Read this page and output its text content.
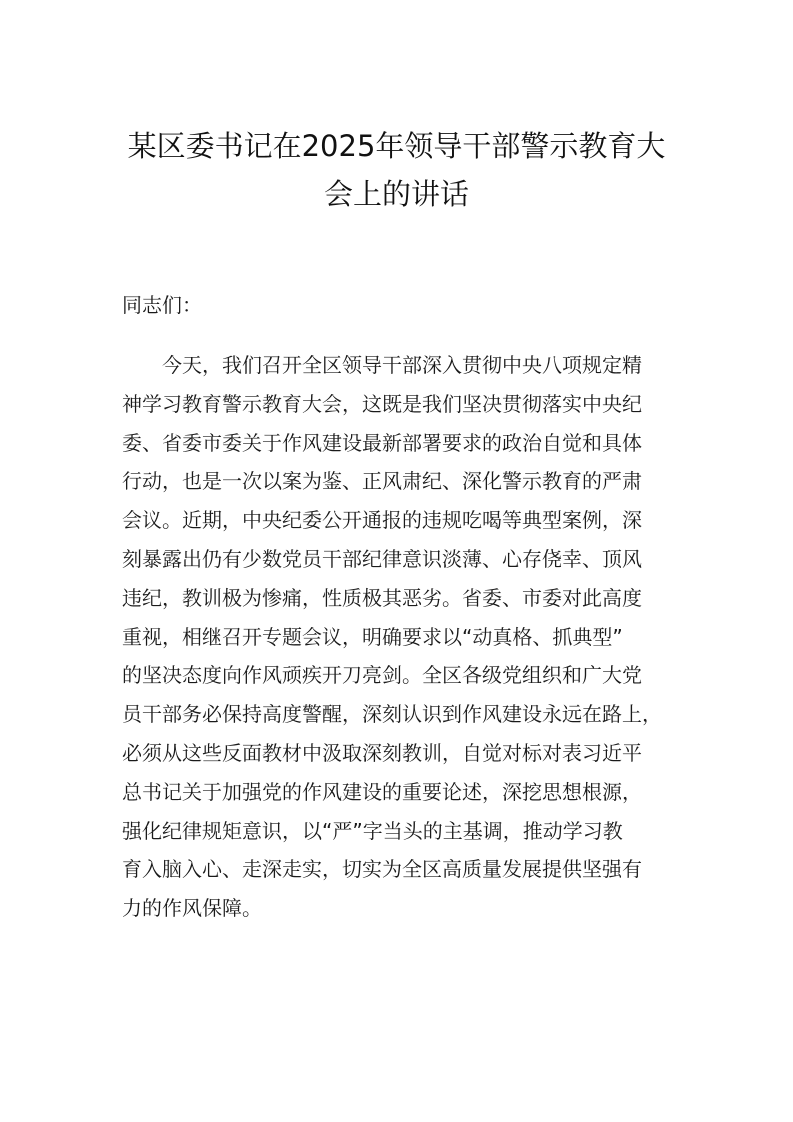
某区委书记在2025年领导干部警示教育大
会上的讲话

同志们：

今天，我们召开全区领导干部深入贯彻中央八项规定精
神学习教育警示教育大会，这既是我们坚决贯彻落实中央纪
委、省委市委关于作风建设最新部署要求的政治自觉和具体
行动，也是一次以案为鉴、正风肃纪、深化警示教育的严肃
会议。近期，中央纪委公开通报的违规吃喝等典型案例，深
刻暴露出仍有少数党员干部纪律意识淡薄、心存侥幸、顶风
违纪，教训极为惨痛，性质极其恶劣。省委、市委对此高度
重视，相继召开专题会议，明确要求以“动真格、抓典型”
的坚决态度向作风顽疾开刀亮剑。全区各级党组织和广大党
员干部务必保持高度警醒，深刻认识到作风建设永远在路上，
必须从这些反面教材中汲取深刻教训，自觉对标对表习近平
总书记关于加强党的作风建设的重要论述，深挖思想根源，
强化纪律规矩意识，以“严”字当头的主基调，推动学习教
育入脑入心、走深走实，切实为全区高质量发展提供坚强有
力的作风保障。
